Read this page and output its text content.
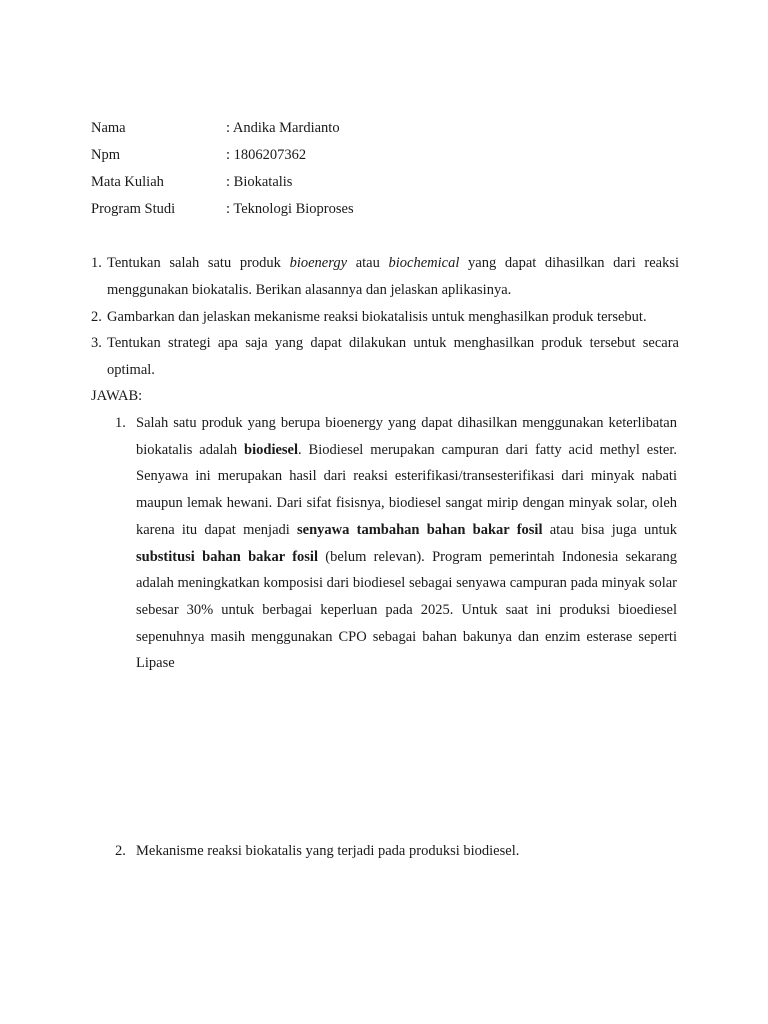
Nama	: Andika Mardianto
Npm	: 1806207362
Mata Kuliah	: Biokatalis
Program Studi	: Teknologi Bioproses
1. Tentukan salah satu produk bioenergy atau biochemical yang dapat dihasilkan dari reaksi menggunakan biokatalis. Berikan alasannya dan jelaskan aplikasinya.
2. Gambarkan dan jelaskan mekanisme reaksi biokatalisis untuk menghasilkan produk tersebut.
3. Tentukan strategi apa saja yang dapat dilakukan untuk menghasilkan produk tersebut secara optimal.
JAWAB:
1. Salah satu produk yang berupa bioenergy yang dapat dihasilkan menggunakan keterlibatan biokatalis adalah biodiesel. Biodiesel merupakan campuran dari fatty acid methyl ester. Senyawa ini merupakan hasil dari reaksi esterifikasi/transesterifikasi dari minyak nabati maupun lemak hewani. Dari sifat fisisnya, biodiesel sangat mirip dengan minyak solar, oleh karena itu dapat menjadi senyawa tambahan bahan bakar fosil atau bisa juga untuk substitusi bahan bakar fosil (belum relevan). Program pemerintah Indonesia sekarang adalah meningkatkan komposisi dari biodiesel sebagai senyawa campuran pada minyak solar sebesar 30% untuk berbagai keperluan pada 2025. Untuk saat ini produksi bioediesel sepenuhnya masih menggunakan CPO sebagai bahan bakunya dan enzim esterase seperti Lipase
2. Mekanisme reaksi biokatalis yang terjadi pada produksi biodiesel.
